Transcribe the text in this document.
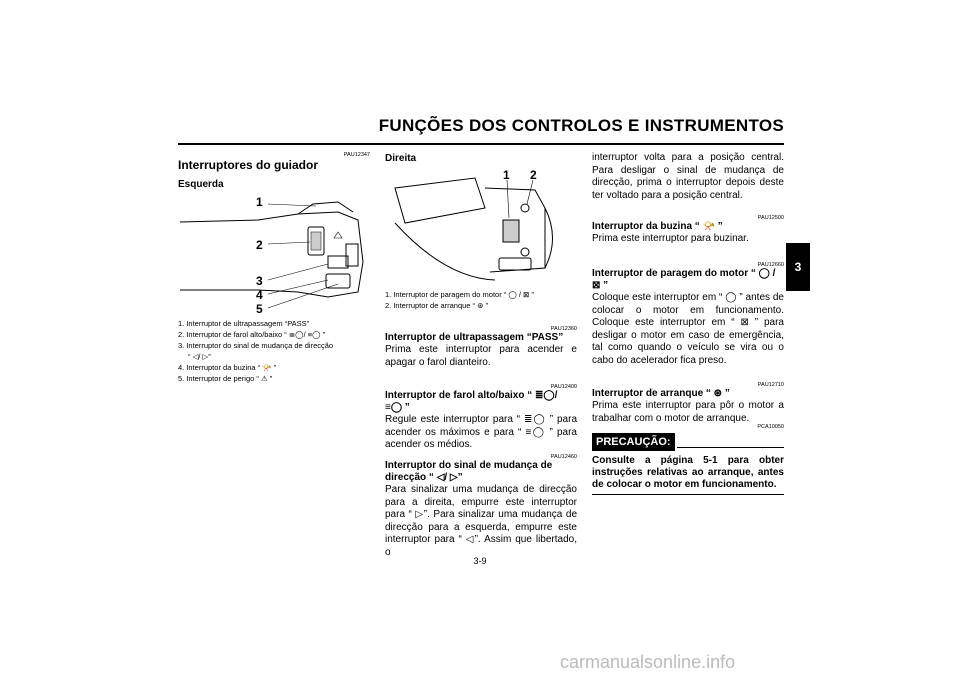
FUNÇÕES DOS CONTROLOS E INSTRUMENTOS
3
PAU12347
Interruptores do guiador
Esquerda
1
2
3
4
5
1. Interruptor de ultrapassagem “PASS”
2. Interruptor de farol alto/baixo “ ≣◯/ ≡◯ ”
3. Interruptor do sinal de mudança de direcção
“ ◁/ ▷”
4. Interruptor da buzina “ 📯 ”
5. Interruptor de perigo “ ⚠ ”
Direita
1 2
1. Interruptor de paragem do motor “ ◯ / ⊠ ”
2. Interruptor de arranque “ ⊛ ”
PAU12360
Interruptor de ultrapassagem “PASS”
Prima este interruptor para acender e apagar o farol dianteiro.
PAU12400
Interruptor de farol alto/baixo “ ≣◯/ ≡◯ ”
Regule este interruptor para “ ≣◯ ” para acender os máximos e para “ ≡◯ ” para acender os médios.
PAU12460
Interruptor do sinal de mudança de direcção “ ◁/ ▷”
Para sinalizar uma mudança de direcção para a direita, empurre este interruptor para “ ▷”. Para sinalizar uma mudança de direcção para a esquerda, empurre este interruptor para “ ◁”. Assim que libertado, o
interruptor volta para a posição central. Para desligar o sinal de mudança de direcção, prima o interruptor depois deste ter voltado para a posição central.
PAU12500
Interruptor da buzina “ 📯 ”
Prima este interruptor para buzinar.
PAU12660
Interruptor de paragem do motor “ ◯ / ⊠ ”
Coloque este interruptor em “ ◯ ” antes de colocar o motor em funcionamento. Coloque este interruptor em “ ⊠ ” para desligar o motor em caso de emergência, tal como quando o veículo se vira ou o cabo do acelerador fica preso.
PAU12710
Interruptor de arranque “ ⊛ ”
Prima este interruptor para pôr o motor a trabalhar com o motor de arranque.
PCA10050
PRECAUÇÃO:
Consulte a página 5-1 para obter instruções relativas ao arranque, antes de colocar o motor em funcionamento.
3-9
carmanualsonline.info
